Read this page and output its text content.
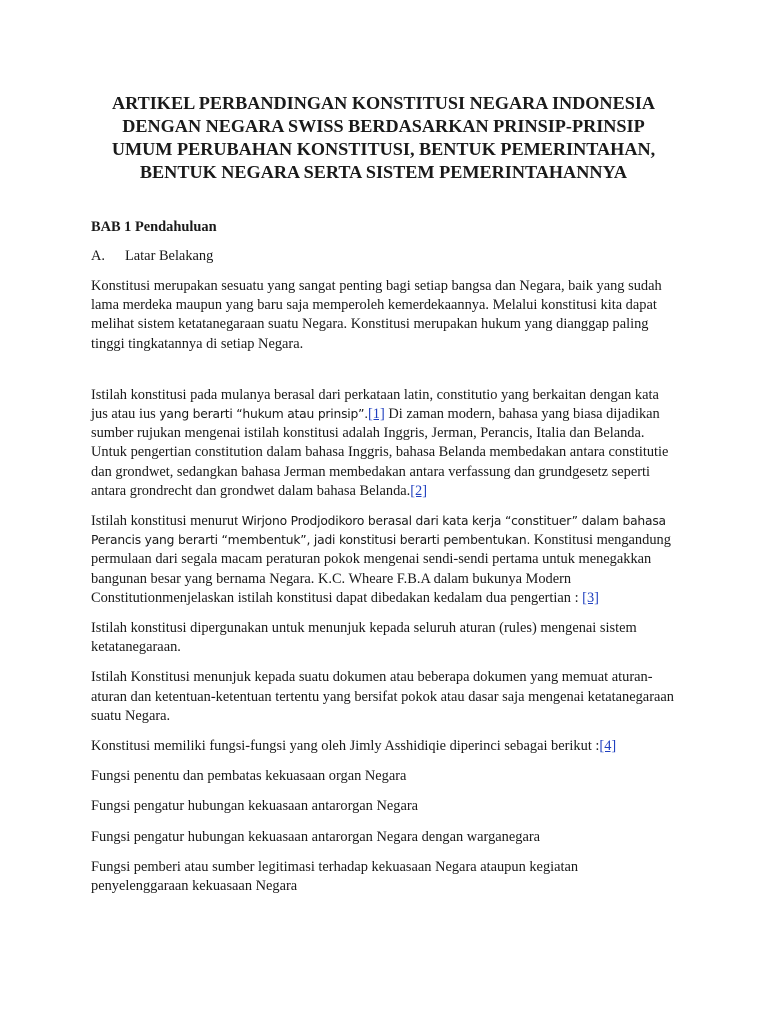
ARTIKEL PERBANDINGAN KONSTITUSI NEGARA INDONESIA DENGAN NEGARA SWISS BERDASARKAN PRINSIP-PRINSIP UMUM PERUBAHAN KONSTITUSI, BENTUK PEMERINTAHAN, BENTUK NEGARA SERTA SISTEM PEMERINTAHANNYA
BAB 1 Pendahuluan
A. Latar Belakang

Konstitusi merupakan sesuatu yang sangat penting bagi setiap bangsa dan Negara, baik yang sudah lama merdeka maupun yang baru saja memperoleh kemerdekaannya. Melalui konstitusi kita dapat melihat sistem ketatanegaraan suatu Negara. Konstitusi merupakan hukum yang dianggap paling tinggi tingkatannya di setiap Negara.

Istilah konstitusi pada mulanya berasal dari perkataan latin, constitutio yang berkaitan dengan kata jus atau ius yang berarti “hukum atau prinsip”.[1] Di zaman modern, bahasa yang biasa dijadikan sumber rujukan mengenai istilah konstitusi adalah Inggris, Jerman, Perancis, Italia dan Belanda. Untuk pengertian constitution dalam bahasa Inggris, bahasa Belanda membedakan antara constitutie dan grondwet, sedangkan bahasa Jerman membedakan antara verfassung dan grundgesetz seperti antara grondrecht dan grondwet dalam bahasa Belanda.[2]

Istilah konstitusi menurut Wirjono Prodjodikoro berasal dari kata kerja “constituer” dalam bahasa Perancis yang berarti “membentuk”, jadi konstitusi berarti pembentukan. Konstitusi mengandung permulaan dari segala macam peraturan pokok mengenai sendi-sendi pertama untuk menegakkan bangunan besar yang bernama Negara. K.C. Wheare F.B.A dalam bukunya Modern Constitutionmenjelaskan istilah konstitusi dapat dibedakan kedalam dua pengertian : [3]

Istilah konstitusi dipergunakan untuk menunjuk kepada seluruh aturan (rules) mengenai sistem ketatanegaraan.

Istilah Konstitusi menunjuk kepada suatu dokumen atau beberapa dokumen yang memuat aturan-aturan dan ketentuan-ketentuan tertentu yang bersifat pokok atau dasar saja mengenai ketatanegaraan suatu Negara.

Konstitusi memiliki fungsi-fungsi yang oleh Jimly Asshidiqie diperinci sebagai berikut :[4]

Fungsi penentu dan pembatas kekuasaan organ Negara

Fungsi pengatur hubungan kekuasaan antarorgan Negara

Fungsi pengatur hubungan kekuasaan antarorgan Negara dengan warganegara

Fungsi pemberi atau sumber legitimasi terhadap kekuasaan Negara ataupun kegiatan penyelenggaraan kekuasaan Negara
